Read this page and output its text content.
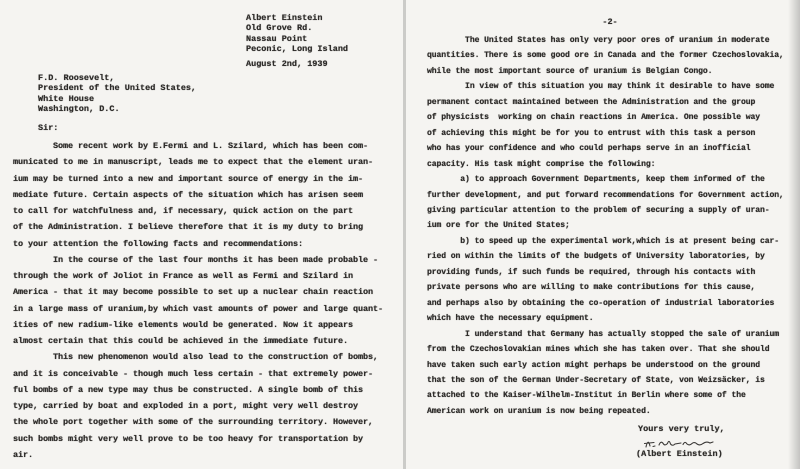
Albert Einstein
Old Grove Rd.
Nassau Point
Peconic, Long Island
August 2nd, 1939
F.D. Roosevelt,
President of the United States,
White House
Washington, D.C.
Sir:
Some recent work by E.Fermi and L. Szilard, which has been com-
municated to me in manuscript, leads me to expect that the element uran-
ium may be turned into a new and important source of energy in the im-
mediate future. Certain aspects of the situation which has arisen seem
to call for watchfulness and, if necessary, quick action on the part
of the Administration. I believe therefore that it is my duty to bring
to your attention the following facts and recommendations:
In the course of the last four months it has been made probable -
through the work of Joliot in France as well as Fermi and Szilard in
America - that it may become possible to set up a nuclear chain reaction
in a large mass of uranium,by which vast amounts of power and large quant-
ities of new radium-like elements would be generated. Now it appears
almost certain that this could be achieved in the immediate future.
This new phenomenon would also lead to the construction of bombs,
and it is conceivable - though much less certain - that extremely power-
ful bombs of a new type may thus be constructed. A single bomb of this
type, carried by boat and exploded in a port, might very well destroy
the whole port together with some of the surrounding territory. However,
such bombs might very well prove to be too heavy for transportation by
air.
-2-
The United States has only very poor ores of uranium in moderate
quantities. There is some good ore in Canada and the former Czechoslovakia,
while the most important source of uranium is Belgian Congo.
In view of this situation you may think it desirable to have some
permanent contact maintained between the Administration and the group
of physicists  working on chain reactions in America. One possible way
of achieving this might be for you to entrust with this task a person
who has your confidence and who could perhaps serve in an inofficial
capacity. His task might comprise the following:
a) to approach Government Departments, keep them informed of the
further development, and put forward recommendations for Government action,
giving particular attention to the problem of securing a supply of uran-
ium ore for the United States;
b) to speed up the experimental work,which is at present being car-
ried on within the limits of the budgets of University laboratories, by
providing funds, if such funds be required, through his contacts with
private persons who are willing to make contributions for this cause,
and perhaps also by obtaining the co-operation of industrial laboratories
which have the necessary equipment.
I understand that Germany has actually stopped the sale of uranium
from the Czechoslovakian mines which she has taken over. That she should
have taken such early action might perhaps be understood on the ground
that the son of the German Under-Secretary of State, von Weizsäcker, is
attached to the Kaiser-Wilhelm-Institut in Berlin where some of the
American work on uranium is now being repeated.
Yours very truly,
(Albert Einstein)
